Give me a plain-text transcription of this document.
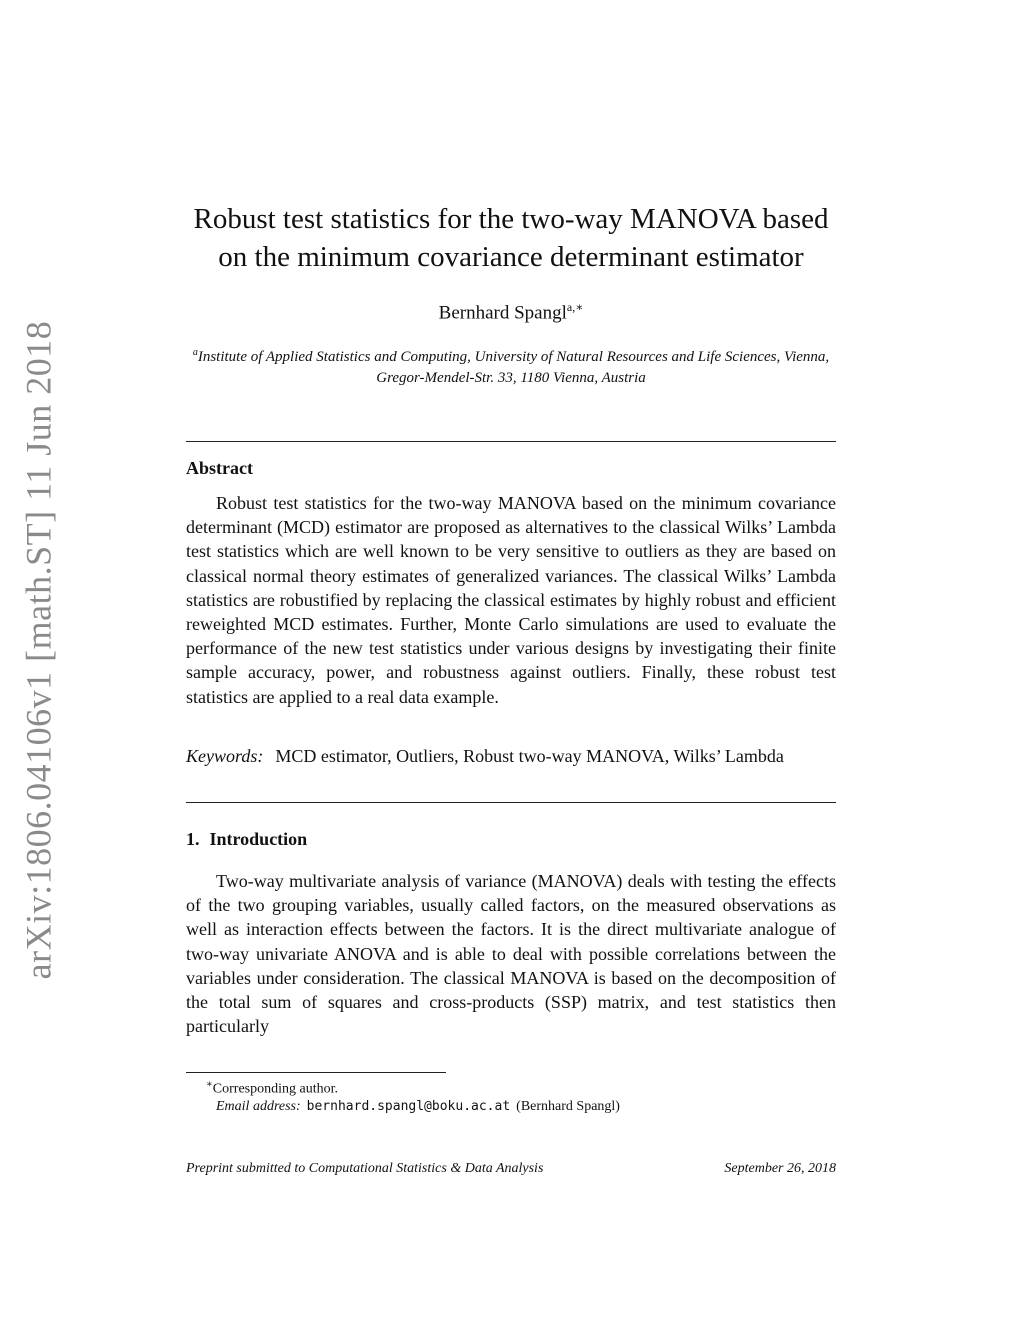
arXiv:1806.04106v1 [math.ST] 11 Jun 2018
Robust test statistics for the two-way MANOVA based on the minimum covariance determinant estimator
Bernhard Spangl$^{a,∗}$
$^a$Institute of Applied Statistics and Computing, University of Natural Resources and Life Sciences, Vienna, Gregor-Mendel-Str. 33, 1180 Vienna, Austria
Abstract

Robust test statistics for the two-way MANOVA based on the minimum covariance determinant (MCD) estimator are proposed as alternatives to the classical Wilks’ Lambda test statistics which are well known to be very sensitive to outliers as they are based on classical normal theory estimates of generalized variances. The classical Wilks’ Lambda statistics are robustified by replacing the classical estimates by highly robust and efficient reweighted MCD estimates. Further, Monte Carlo simulations are used to evaluate the performance of the new test statistics under various designs by investigating their finite sample accuracy, power, and robustness against outliers. Finally, these robust test statistics are applied to a real data example.

Keywords: MCD estimator, Outliers, Robust two-way MANOVA, Wilks’ Lambda

1. Introduction

Two-way multivariate analysis of variance (MANOVA) deals with testing the effects of the two grouping variables, usually called factors, on the measured observations as well as interaction effects between the factors. It is the direct multivariate analogue of two-way univariate ANOVA and is able to deal with possible correlations between the variables under consideration. The classical MANOVA is based on the decomposition of the total sum of squares and cross-products (SSP) matrix, and test statistics then particularly

∗Corresponding author.
Email address: bernhard.spangl@boku.ac.at (Bernhard Spangl)
Preprint submitted to Computational Statistics & Data Analysis	September 26, 2018
